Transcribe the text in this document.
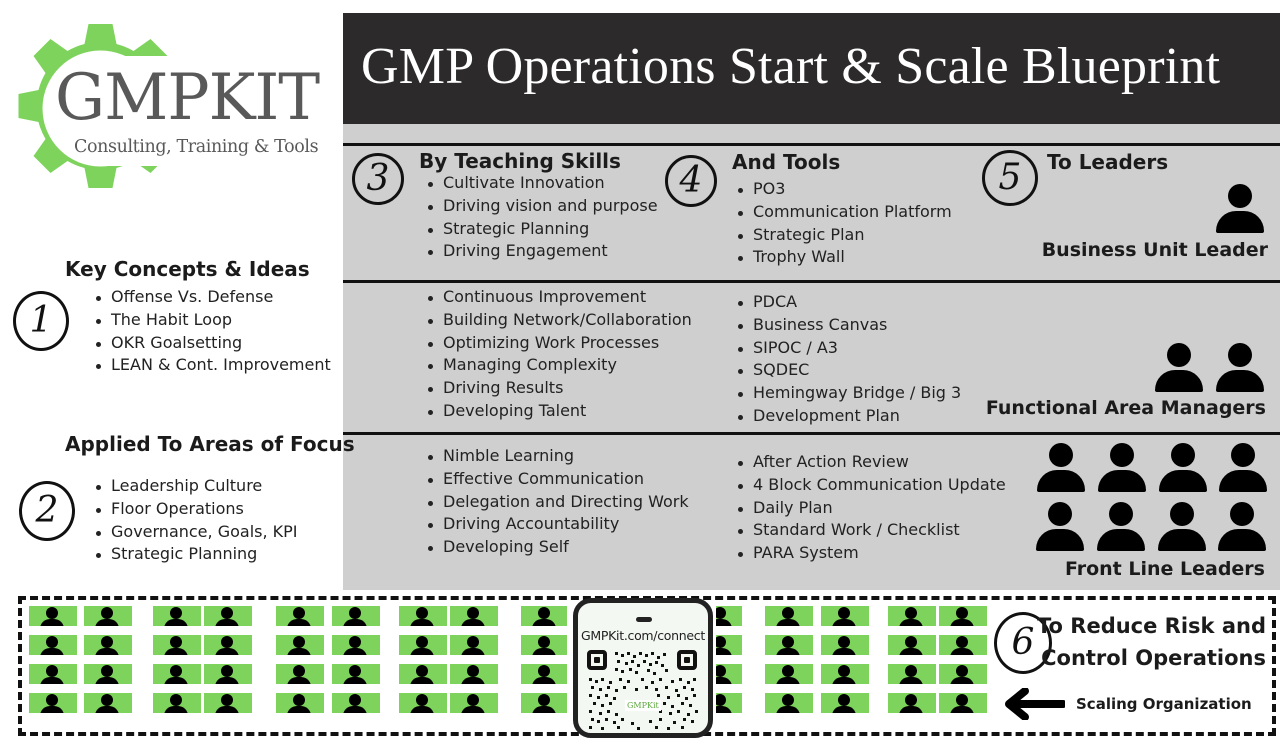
GMPKIT
Consulting, Training & Tools
GMP Operations Start & Scale Blueprint
3	By Teaching Skills
Cultivate Innovation
Driving vision and purpose
Strategic Planning
Driving Engagement
Continuous Improvement
Building Network/Collaboration
Optimizing Work Processes
Managing Complexity
Driving Results
Developing Talent
Nimble Learning
Effective Communication
Delegation and Directing Work
Driving Accountability
Developing Self
4	And Tools
PO3
Communication Platform
Strategic Plan
Trophy Wall
PDCA
Business Canvas
SIPOC / A3
SQDEC
Hemingway Bridge / Big 3
Development Plan
After Action Review
4 Block Communication Update
Daily Plan
Standard Work / Checklist
PARA System
5	To Leaders
Business Unit Leader
Functional Area Managers
Front Line Leaders
Key Concepts & Ideas
1
Offense Vs. Defense
The Habit Loop
OKR Goalsetting
LEAN & Cont. Improvement
Applied To Areas of Focus
2
Leadership Culture
Floor Operations
Governance, Goals, KPI
Strategic Planning
GMPKit.com/connect
GMPKit
6 To Reduce Risk and
Control Operations
Scaling Organization
